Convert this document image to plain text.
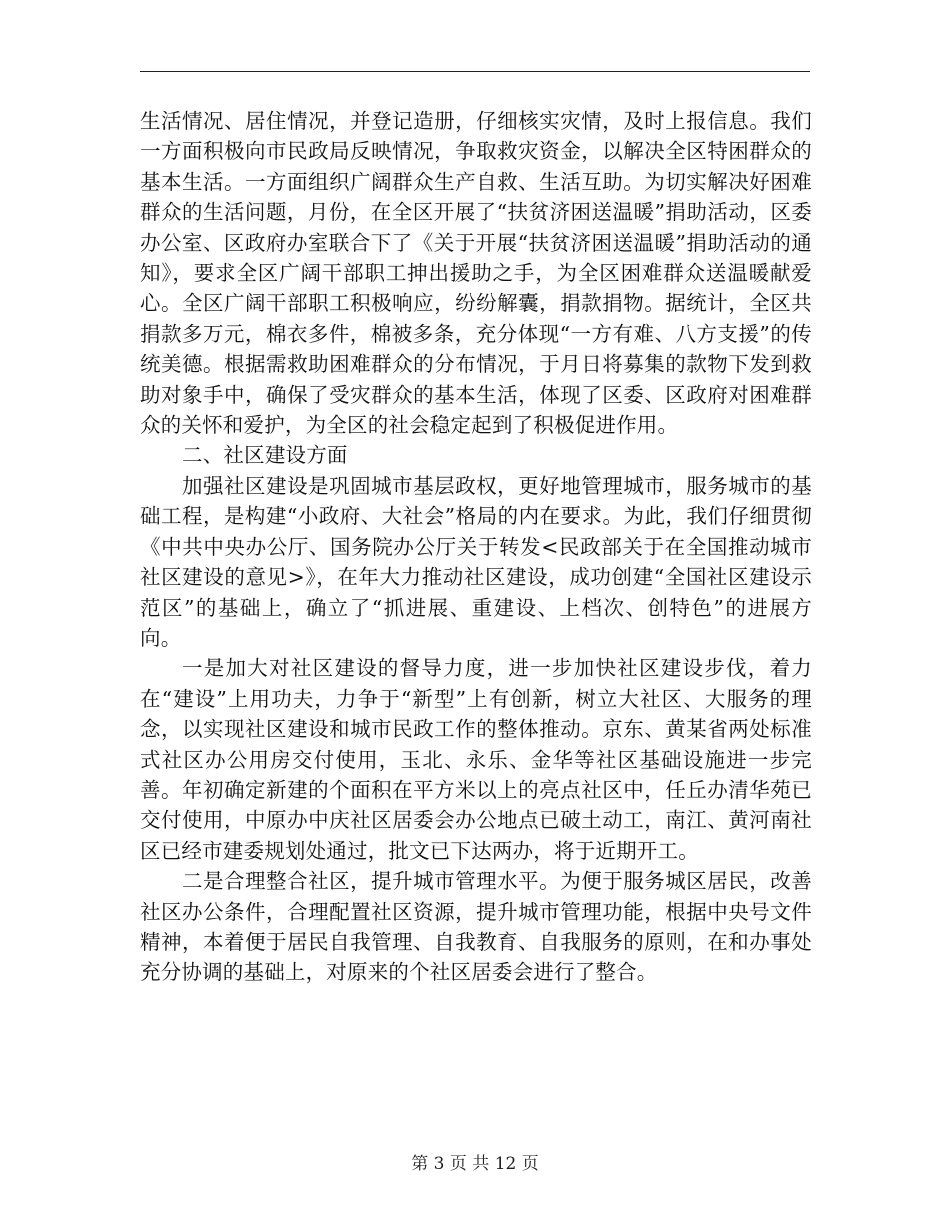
生活情况、居住情况，并登记造册，仔细核实灾情，及时上报信息。我们一方面积极向市民政局反映情况，争取救灾资金，以解决全区特困群众的基本生活。一方面组织广阔群众生产自救、生活互助。为切实解决好困难群众的生活问题，月份，在全区开展了“扶贫济困送温暖”捐助活动，区委办公室、区政府办室联合下了《关于开展“扶贫济困送温暖”捐助活动的通知》，要求全区广阔干部职工抻出援助之手，为全区困难群众送温暖献爱心。全区广阔干部职工积极响应，纷纷解囊，捐款捐物。据统计，全区共捐款多万元，棉衣多件，棉被多条，充分体现“一方有难、八方支援”的传统美德。根据需救助困难群众的分布情况，于月日将募集的款物下发到救助对象手中，确保了受灾群众的基本生活，体现了区委、区政府对困难群众的关怀和爱护，为全区的社会稳定起到了积极促进作用。

二、社区建设方面

加强社区建设是巩固城市基层政权，更好地管理城市，服务城市的基础工程，是构建“小政府、大社会”格局的内在要求。为此，我们仔细贯彻《中共中央办公厅、国务院办公厅关于转发<民政部关于在全国推动城市社区建设的意见>》，在年大力推动社区建设，成功创建“全国社区建设示范区”的基础上，确立了“抓进展、重建设、上档次、创特色”的进展方向。

一是加大对社区建设的督导力度，进一步加快社区建设步伐，着力在“建设”上用功夫，力争于“新型”上有创新，树立大社区、大服务的理念，以实现社区建设和城市民政工作的整体推动。京东、黄某省两处标准式社区办公用房交付使用，玉北、永乐、金华等社区基础设施进一步完善。年初确定新建的个面积在平方米以上的亮点社区中，任丘办清华苑已交付使用，中原办中庆社区居委会办公地点已破土动工，南江、黄河南社区已经市建委规划处通过，批文已下达两办，将于近期开工。

二是合理整合社区，提升城市管理水平。为便于服务城区居民，改善社区办公条件，合理配置社区资源，提升城市管理功能，根据中央号文件精神，本着便于居民自我管理、自我教育、自我服务的原则，在和办事处充分协调的基础上，对原来的个社区居委会进行了整合。

第 3 页 共 12 页
